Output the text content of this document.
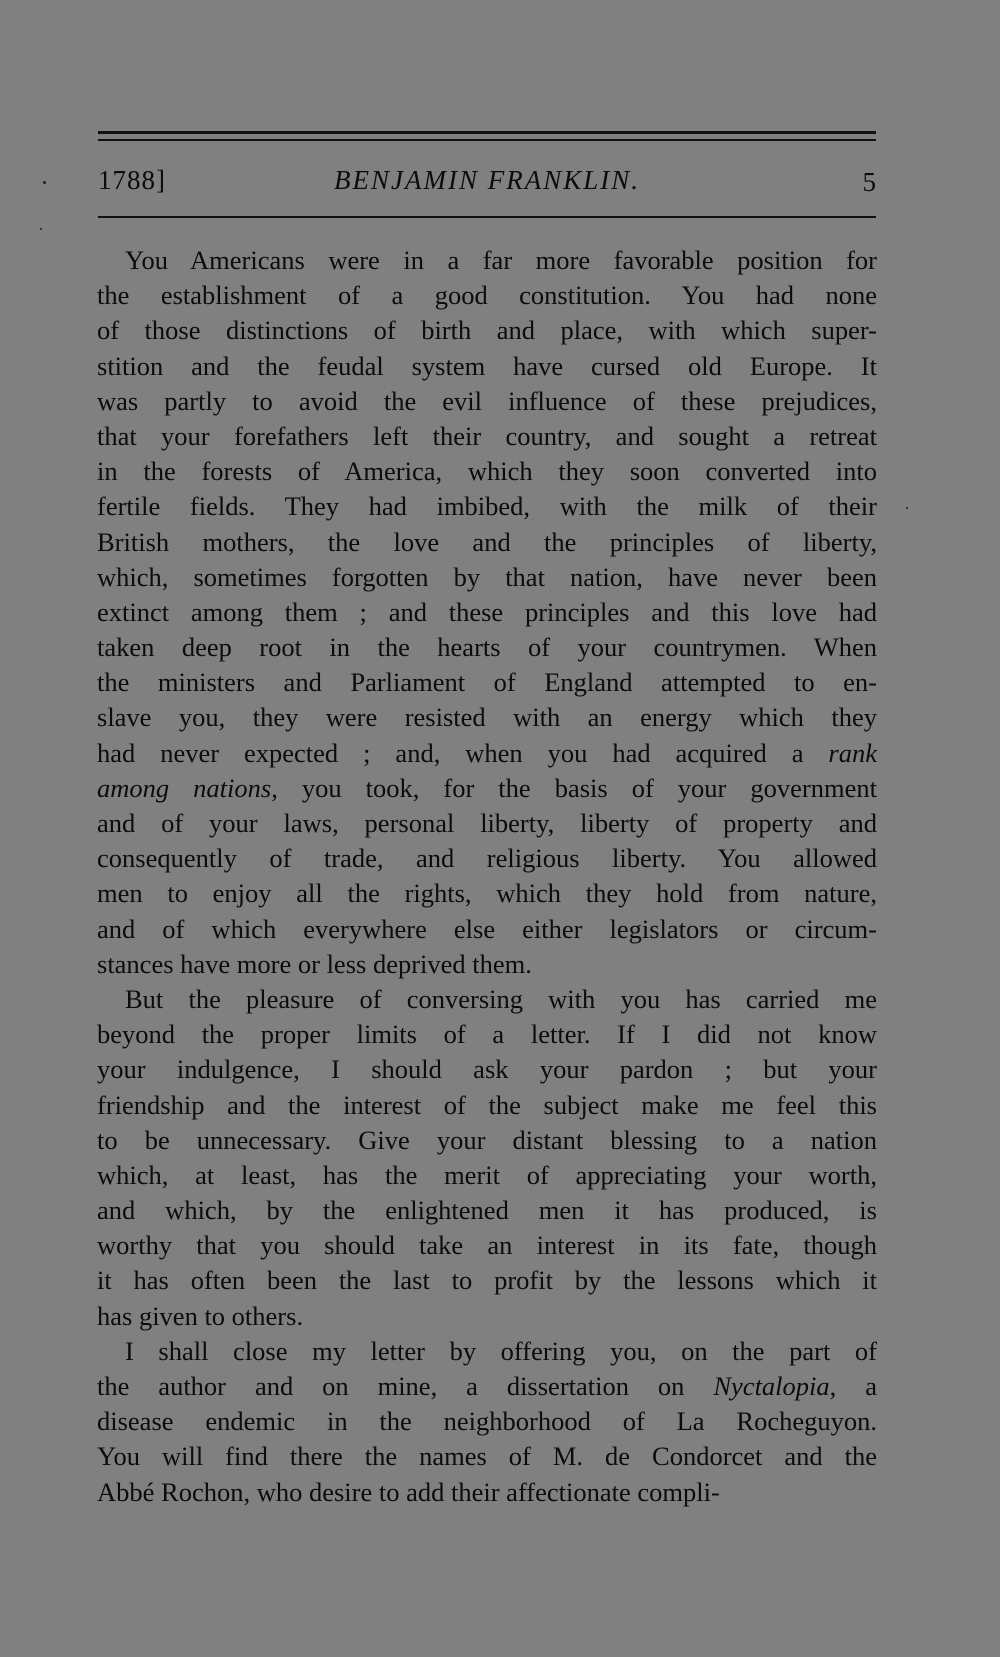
1788]	BENJAMIN FRANKLIN.	5
You Americans were in a far more favorable position for
the establishment of a good constitution. You had none
of those distinctions of birth and place, with which super-
stition and the feudal system have cursed old Europe. It
was partly to avoid the evil influence of these prejudices,
that your forefathers left their country, and sought a retreat
in the forests of America, which they soon converted into
fertile fields. They had imbibed, with the milk of their
British mothers, the love and the principles of liberty,
which, sometimes forgotten by that nation, have never been
extinct among them ; and these principles and this love had
taken deep root in the hearts of your countrymen. When
the ministers and Parliament of England attempted to en-
slave you, they were resisted with an energy which they
had never expected ; and, when you had acquired a rank
among nations, you took, for the basis of your government
and of your laws, personal liberty, liberty of property and
consequently of trade, and religious liberty. You allowed
men to enjoy all the rights, which they hold from nature,
and of which everywhere else either legislators or circum-
stances have more or less deprived them.
But the pleasure of conversing with you has carried me
beyond the proper limits of a letter. If I did not know
your indulgence, I should ask your pardon ; but your
friendship and the interest of the subject make me feel this
to be unnecessary. Give your distant blessing to a nation
which, at least, has the merit of appreciating your worth,
and which, by the enlightened men it has produced, is
worthy that you should take an interest in its fate, though
it has often been the last to profit by the lessons which it
has given to others.
I shall close my letter by offering you, on the part of
the author and on mine, a dissertation on Nyctalopia, a
disease endemic in the neighborhood of La Rocheguyon.
You will find there the names of M. de Condorcet and the
Abbé Rochon, who desire to add their affectionate compli-
